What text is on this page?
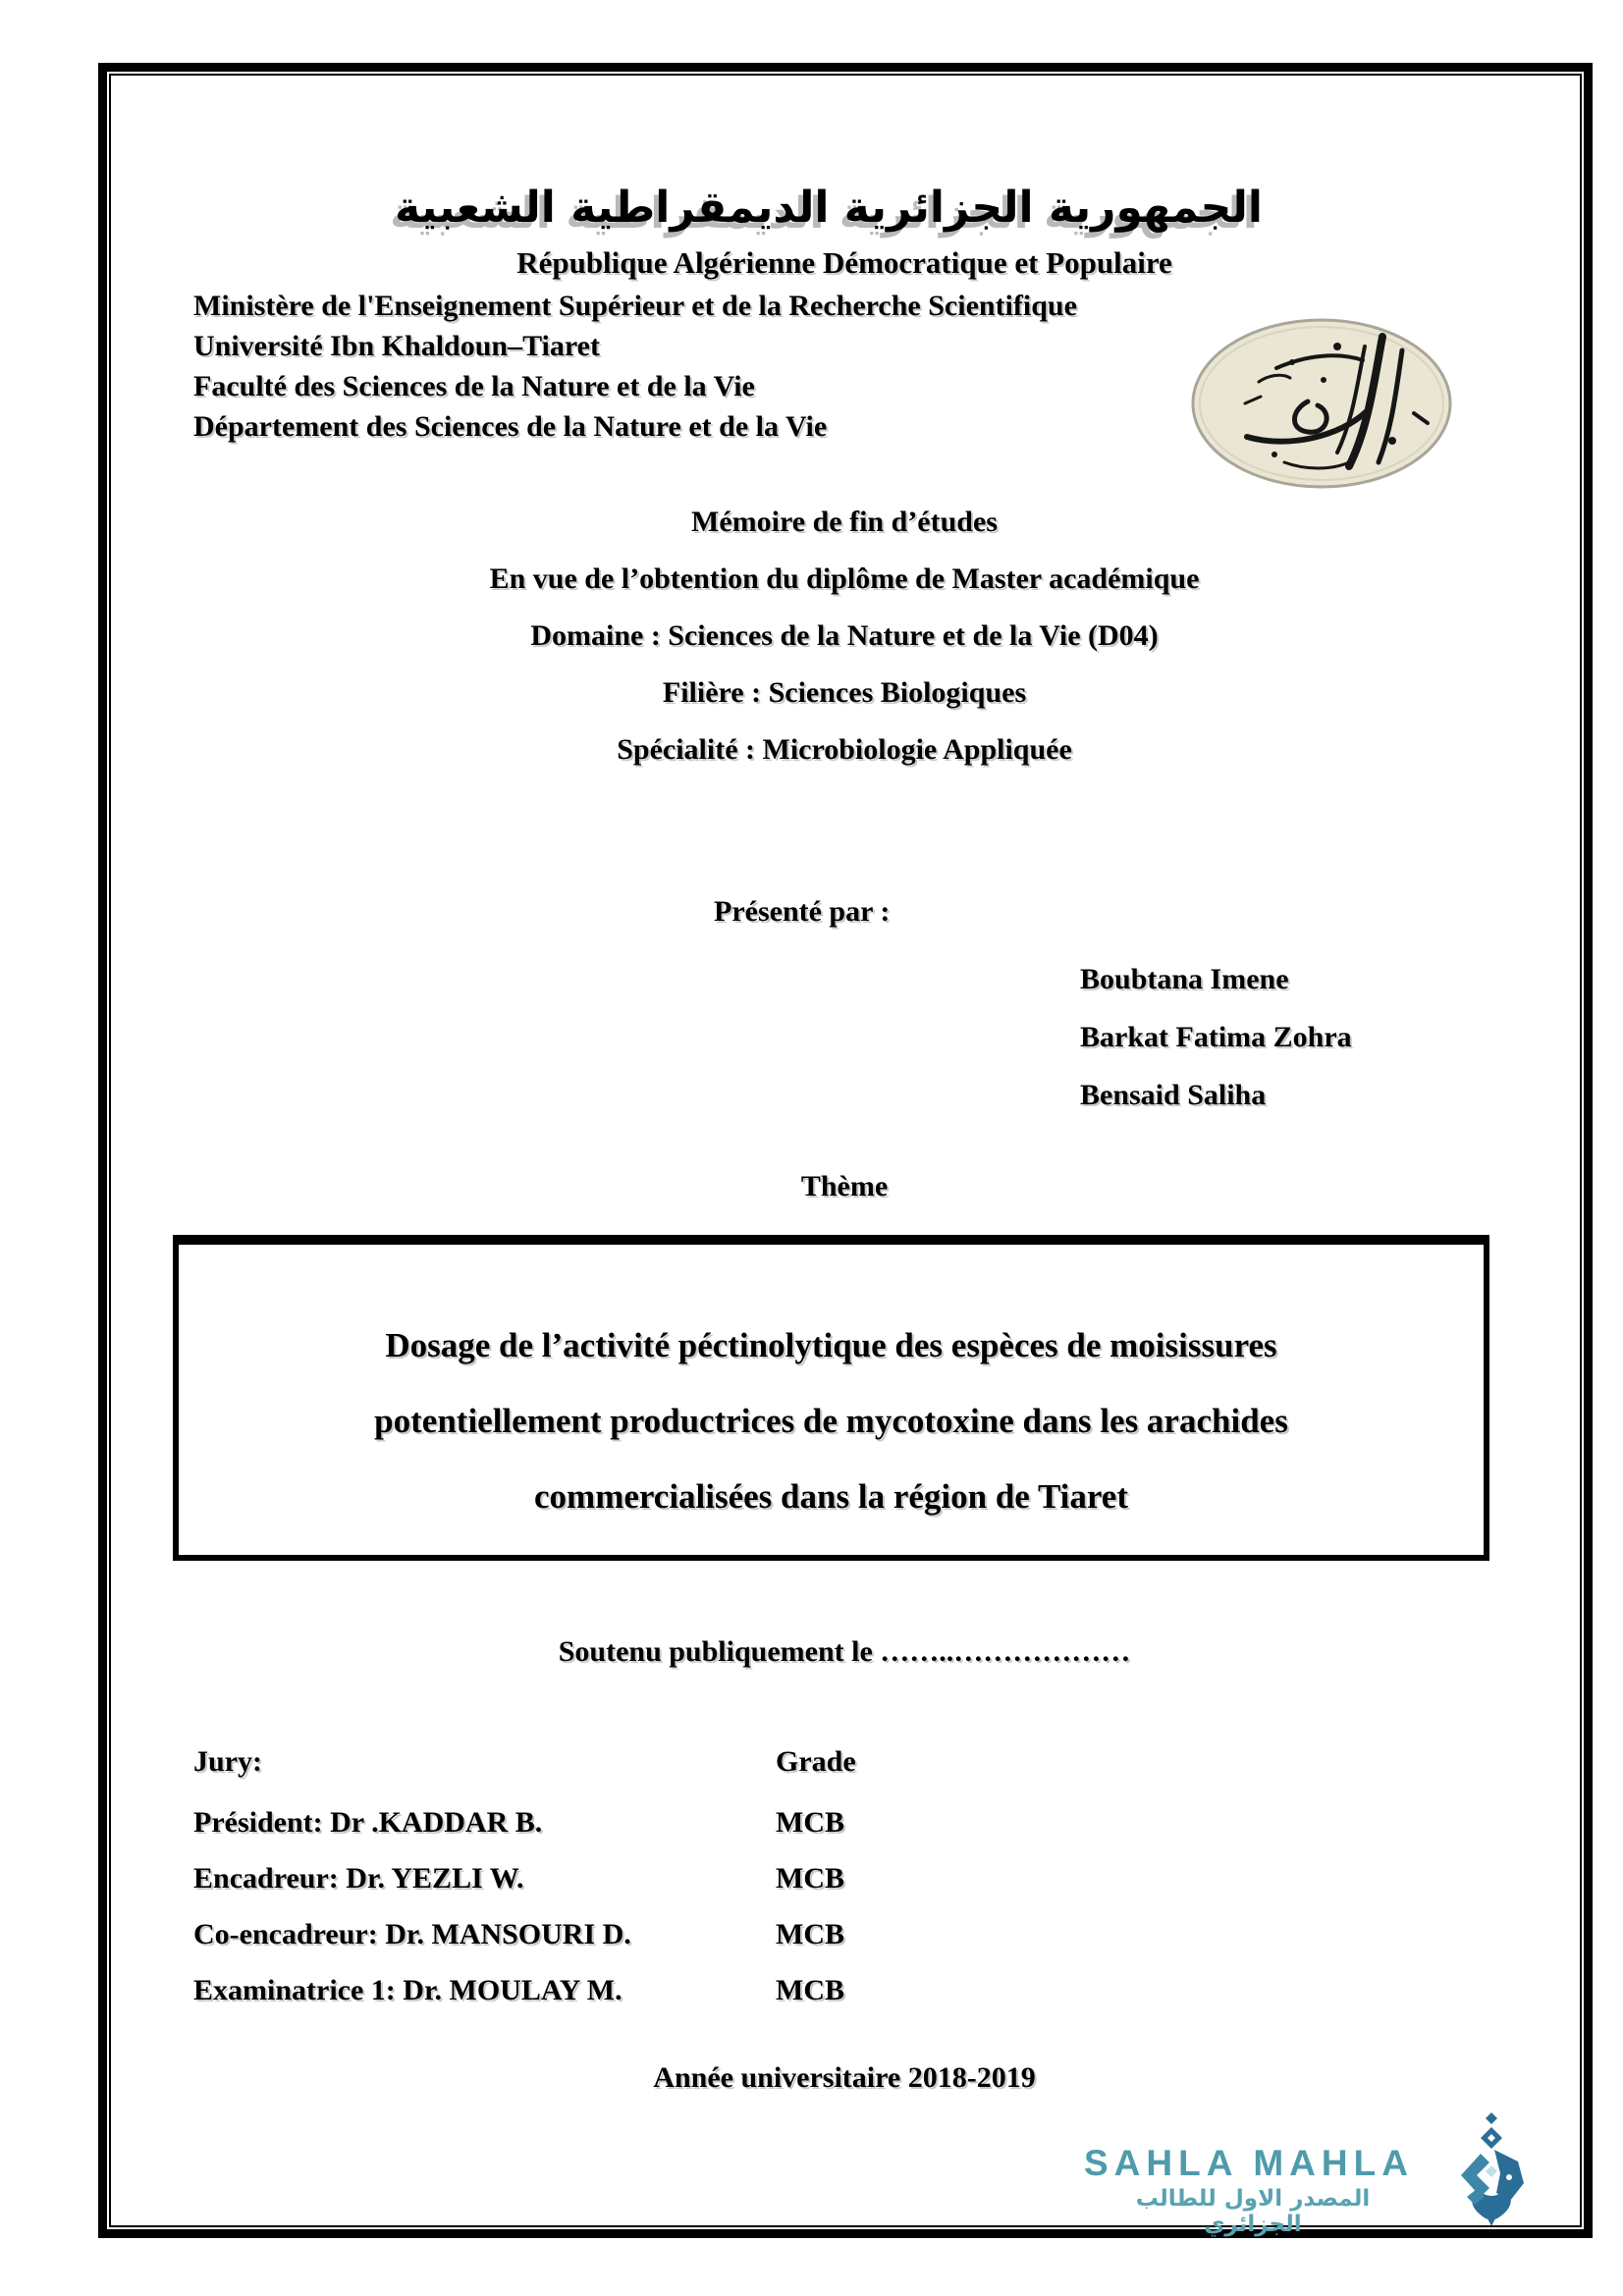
الجمهورية الجزائرية الديمقراطية الشعبية
République Algérienne Démocratique et Populaire
Ministère de l'Enseignement Supérieur et de la Recherche Scientifique
Université Ibn Khaldoun–Tiaret
Faculté des Sciences de la Nature et de la Vie
Département des Sciences de la Nature et de la Vie
Mémoire de fin d’études
En vue de l’obtention du diplôme de Master académique
Domaine : Sciences de la Nature et de la Vie (D04)
Filière : Sciences Biologiques
Spécialité : Microbiologie Appliquée
Présenté par :
Boubtana Imene
Barkat Fatima Zohra
Bensaid Saliha
Thème
Dosage de l’activité péctinolytique des espèces de moisissures
potentiellement productrices de mycotoxine dans les arachides
commercialisées dans la région de Tiaret
Soutenu publiquement le ……..………………
Jury:	Grade
Président: Dr .KADDAR B.	MCB
Encadreur: Dr. YEZLI W.	MCB
Co-encadreur: Dr. MANSOURI D.	MCB
Examinatrice 1: Dr. MOULAY M.	MCB
Année universitaire 2018-2019
SAHLA MAHLA
المصدر الاول للطالب الجزائري
